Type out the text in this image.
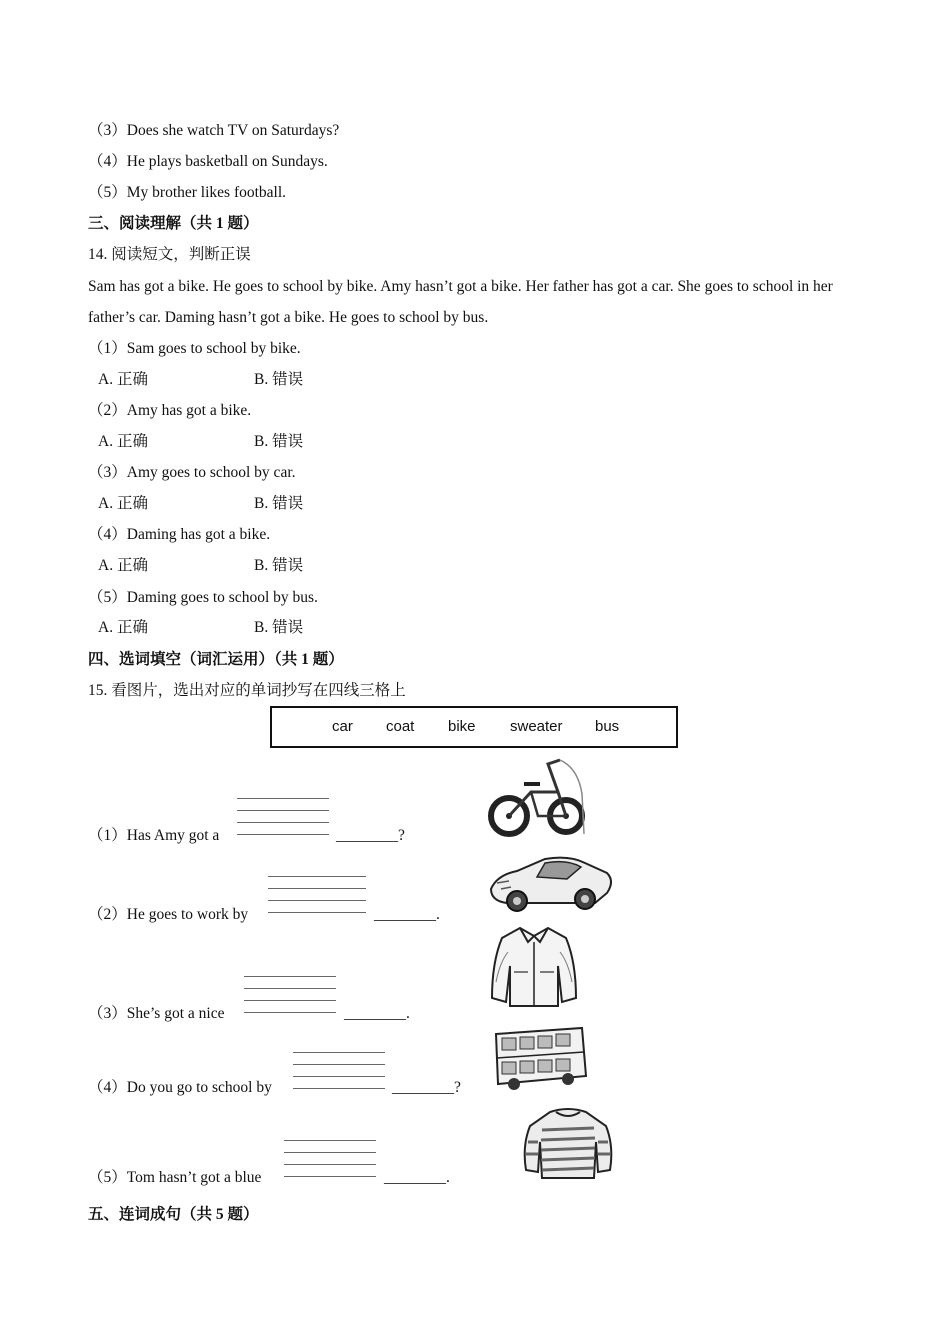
（3）Does she watch TV on Saturdays?
（4）He plays basketball on Sundays.
（5）My brother likes football.
三、阅读理解（共 1 题）
14. 阅读短文，判断正误
Sam has got a bike. He goes to school by bike. Amy hasn’t got a bike. Her father has got a car. She goes to school in her father’s car. Daming hasn’t got a bike. He goes to school by bus.
（1）Sam goes to school by bike.
A. 正确	B. 错误
（2）Amy has got a bike.
A. 正确	B. 错误
（3）Amy goes to school by car.
A. 正确	B. 错误
（4）Daming has got a bike.
A. 正确	B. 错误
（5）Daming goes to school by bus.
A. 正确	B. 错误
四、选词填空（词汇运用）（共 1 题）
15. 看图片，选出对应的单词抄写在四线三格上
car coat bike sweater bus
（1）Has Amy got a	________?
（2）He goes to work by	________.
（3）She’s got a nice	________.
（4）Do you go to school by	________?
（5）Tom hasn’t got a blue	________.
五、连词成句（共 5 题）
